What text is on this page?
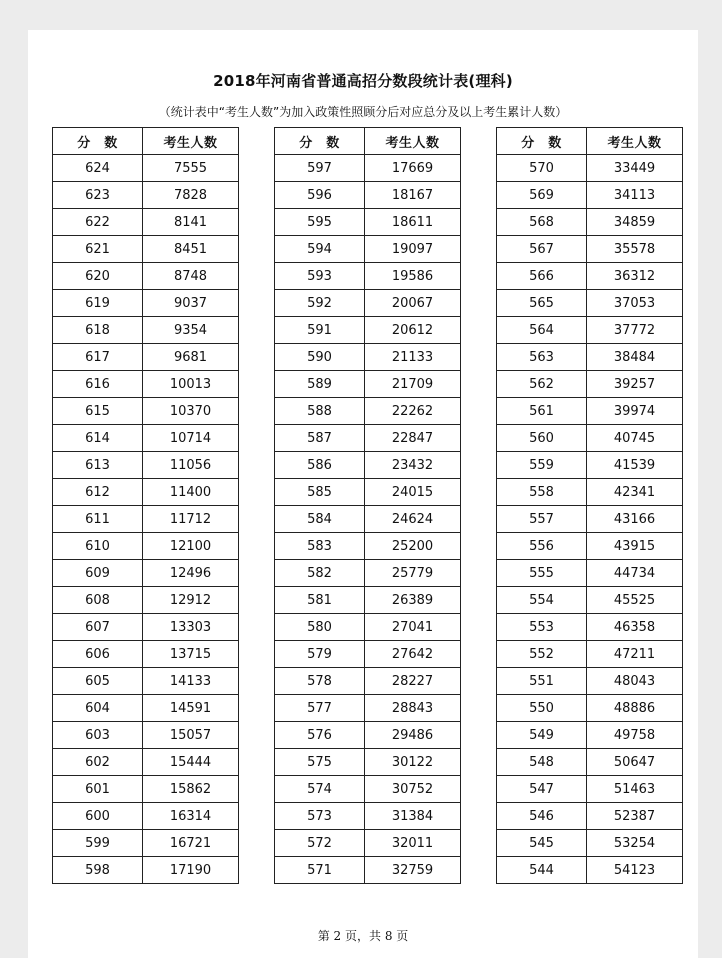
2018年河南省普通高招分数段统计表(理科)
（统计表中“考生人数”为加入政策性照顾分后对应总分及以上考生累计人数）
分　数	考生人数
624	7555
623	7828
622	8141
621	8451
620	8748
619	9037
618	9354
617	9681
616	10013
615	10370
614	10714
613	11056
612	11400
611	11712
610	12100
609	12496
608	12912
607	13303
606	13715
605	14133
604	14591
603	15057
602	15444
601	15862
600	16314
599	16721
598	17190
分　数	考生人数
597	17669
596	18167
595	18611
594	19097
593	19586
592	20067
591	20612
590	21133
589	21709
588	22262
587	22847
586	23432
585	24015
584	24624
583	25200
582	25779
581	26389
580	27041
579	27642
578	28227
577	28843
576	29486
575	30122
574	30752
573	31384
572	32011
571	32759
分　数	考生人数
570	33449
569	34113
568	34859
567	35578
566	36312
565	37053
564	37772
563	38484
562	39257
561	39974
560	40745
559	41539
558	42341
557	43166
556	43915
555	44734
554	45525
553	46358
552	47211
551	48043
550	48886
549	49758
548	50647
547	51463
546	52387
545	53254
544	54123
第 2 页，共 8 页
